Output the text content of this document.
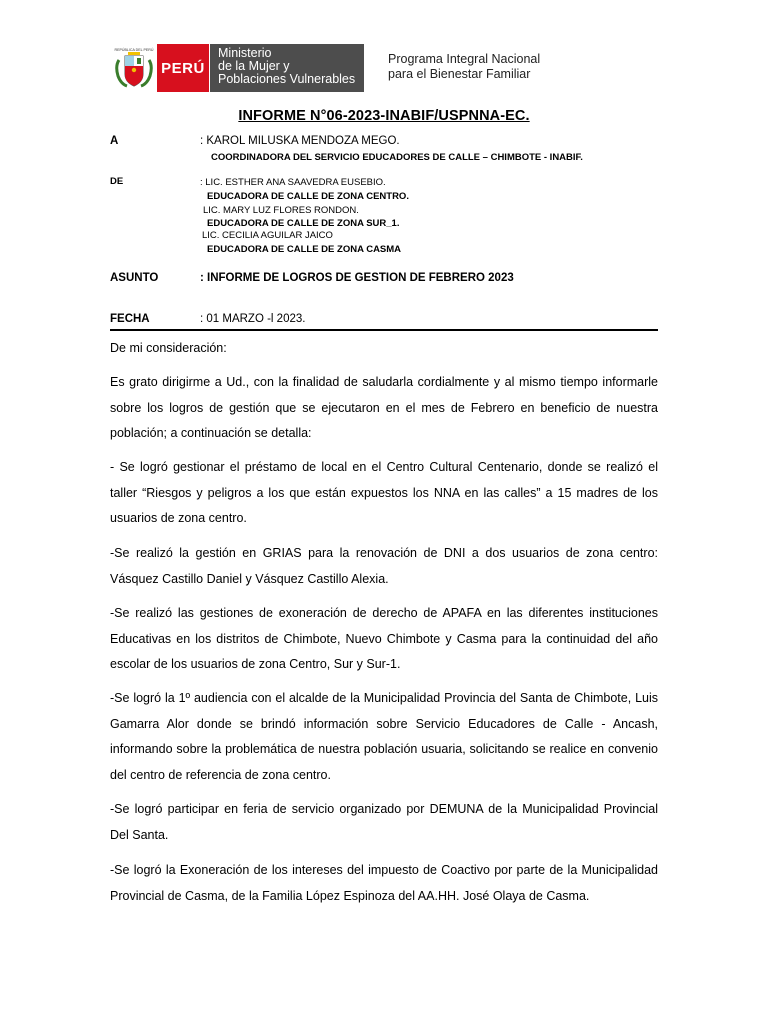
REPÚBLICA DEL PERÚ
PERÚ
Ministerio
de la Mujer y
Poblaciones Vulnerables
Programa Integral Nacional
para el Bienestar Familiar
INFORME N°06-2023-INABIF/USPNNA-EC.
A	: KAROL MILUSKA MENDOZA MEGO.
COORDINADORA DEL SERVICIO EDUCADORES DE CALLE – CHIMBOTE - INABIF.
DE	: LIC. ESTHER ANA SAAVEDRA EUSEBIO.
EDUCADORA DE CALLE DE ZONA CENTRO.
LIC. MARY LUZ FLORES RONDON.
EDUCADORA DE CALLE DE ZONA SUR_1.
LIC. CECILIA AGUILAR JAICO
EDUCADORA DE CALLE DE ZONA CASMA
ASUNTO	: INFORME DE LOGROS DE GESTION DE FEBRERO 2023
FECHA	: 01 MARZO -l 2023.
De mi consideración:
Es grato dirigirme a Ud., con la finalidad de saludarla cordialmente y al mismo tiempo informarle sobre los logros de gestión que se ejecutaron en el mes de Febrero en beneficio de nuestra población; a continuación se detalla:
- Se logró gestionar el préstamo de local en el Centro Cultural Centenario, donde se realizó el taller “Riesgos y peligros a los que están expuestos los NNA en las calles” a 15 madres de los usuarios de zona centro.
-Se realizó la gestión en GRIAS para la renovación de DNI a dos usuarios de zona centro: Vásquez Castillo Daniel y Vásquez Castillo Alexia.
-Se realizó las gestiones de exoneración de derecho de APAFA en las diferentes instituciones Educativas en los distritos de Chimbote, Nuevo Chimbote y Casma para la continuidad del año escolar de los usuarios de zona Centro, Sur y Sur-1.
-Se logró la 1º audiencia con el alcalde de la Municipalidad Provincia del Santa de Chimbote, Luis Gamarra Alor donde se brindó información sobre Servicio Educadores de Calle - Ancash, informando sobre la problemática de nuestra población usuaria, solicitando se realice en convenio del centro de referencia de zona centro.
-Se logró participar en feria de servicio organizado por DEMUNA de la Municipalidad Provincial Del Santa.
-Se logró la Exoneración de los intereses del impuesto de Coactivo por parte de la Municipalidad Provincial de Casma, de la Familia López Espinoza del AA.HH. José Olaya de Casma.
